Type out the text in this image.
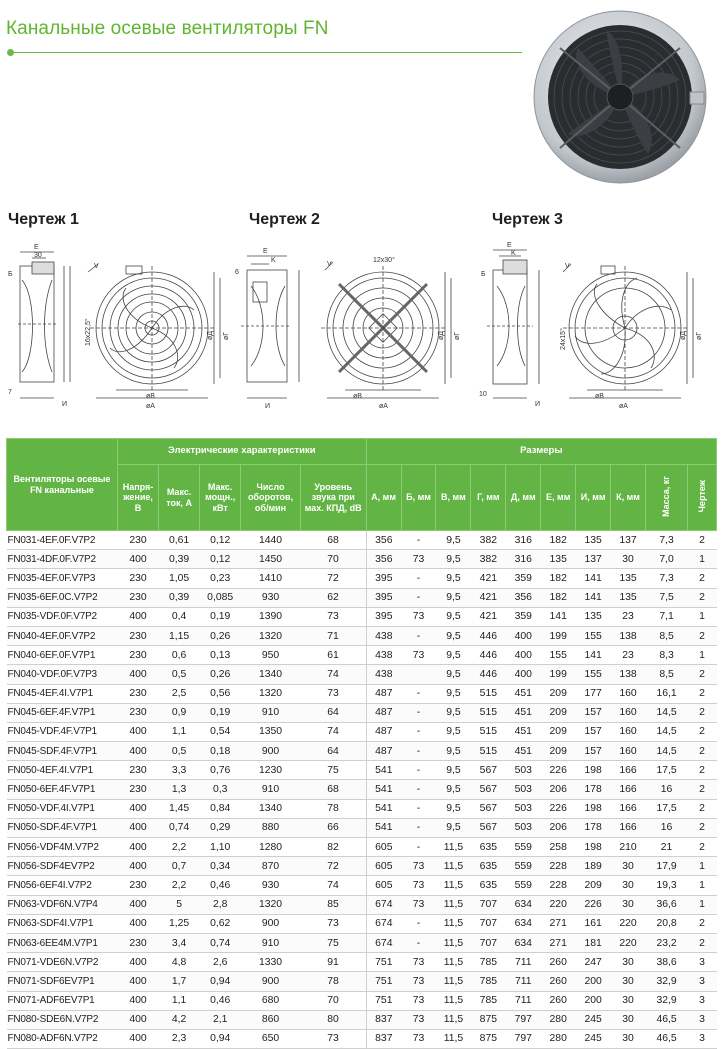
Канальные осевые вентиляторы FN
Чертеж 1	Чертеж 2	Чертеж 3
E
30
Б
V
7
И
16x22,5°
øВ
øА
øД øГ
E
K
6
V
И
12x30°
øВ
øА
øД øГ
E
K
Б
V
10
И
24x15°
øВ
øА
øД øГ
Вентиляторы осевые FN канальные	Электрические характеристики					Размеры									
	Напря-жение, В	Макс. ток, А	Макс. мощн., кВт	Число оборотов, об/мин	Уровень звука при мах. КПД, dB	А, мм	Б, мм	В, мм	Г, мм	Д, мм	Е, мм	И, мм	К, мм	Масса, кг	Чертеж
FN031-4EF.0F.V7P2	230	0,61	0,12	1440	68	356	-	9,5	382	316	182	135	137	7,3	2
FN031-4DF.0F.V7P2	400	0,39	0,12	1450	70	356	73	9,5	382	316	135	137	30	7,0	1
FN035-4EF.0F.V7P3	230	1,05	0,23	1410	72	395	-	9,5	421	359	182	141	135	7,3	2
FN035-6EF.0C.V7P2	230	0,39	0,085	930	62	395	-	9,5	421	356	182	141	135	7,5	2
FN035-VDF.0F.V7P2	400	0,4	0,19	1390	73	395	73	9,5	421	359	141	135	23	7,1	1
FN040-4EF.0F.V7P2	230	1,15	0,26	1320	71	438	-	9,5	446	400	199	155	138	8,5	2
FN040-6EF.0F.V7P1	230	0,6	0,13	950	61	438	73	9,5	446	400	155	141	23	8,3	1
FN040-VDF.0F.V7P3	400	0,5	0,26	1340	74	438		9,5	446	400	199	155	138	8,5	2
FN045-4EF.4I.V7P1	230	2,5	0,56	1320	73	487	-	9,5	515	451	209	177	160	16,1	2
FN045-6EF.4F.V7P1	230	0,9	0,19	910	64	487	-	9,5	515	451	209	157	160	14,5	2
FN045-VDF.4F.V7P1	400	1,1	0,54	1350	74	487	-	9,5	515	451	209	157	160	14,5	2
FN045-SDF.4F.V7P1	400	0,5	0,18	900	64	487	-	9,5	515	451	209	157	160	14,5	2
FN050-4EF.4I.V7P1	230	3,3	0,76	1230	75	541	-	9,5	567	503	226	198	166	17,5	2
FN050-6EF.4F.V7P1	230	1,3	0,3	910	68	541	-	9,5	567	503	206	178	166	16	2
FN050-VDF.4I.V7P1	400	1,45	0,84	1340	78	541	-	9,5	567	503	226	198	166	17,5	2
FN050-SDF.4F.V7P1	400	0,74	0,29	880	66	541	-	9,5	567	503	206	178	166	16	2
FN056-VDF4M.V7P2	400	2,2	1,10	1280	82	605	-	11,5	635	559	258	198	210	21	2
FN056-SDF4EV7P2	400	0,7	0,34	870	72	605	73	11,5	635	559	228	189	30	17,9	1
FN056-6EF4I.V7P2	230	2,2	0,46	930	74	605	73	11,5	635	559	228	209	30	19,3	1
FN063-VDF6N.V7P4	400	5	2,8	1320	85	674	73	11,5	707	634	220	226	30	36,6	1
FN063-SDF4I.V7P1	400	1,25	0,62	900	73	674	-	11,5	707	634	271	161	220	20,8	2
FN063-6EE4M.V7P1	230	3,4	0,74	910	75	674	-	11,5	707	634	271	181	220	23,2	2
FN071-VDE6N.V7P2	400	4,8	2,6	1330	91	751	73	11,5	785	711	260	247	30	38,6	3
FN071-SDF6EV7P1	400	1,7	0,94	900	78	751	73	11,5	785	711	260	200	30	32,9	3
FN071-ADF6EV7P1	400	1,1	0,46	680	70	751	73	11,5	785	711	260	200	30	32,9	3
FN080-SDE6N.V7P2	400	4,2	2,1	860	80	837	73	11,5	875	797	280	245	30	46,5	3
FN080-ADF6N.V7P2	400	2,3	0,94	650	73	837	73	11,5	875	797	280	245	30	46,5	3
